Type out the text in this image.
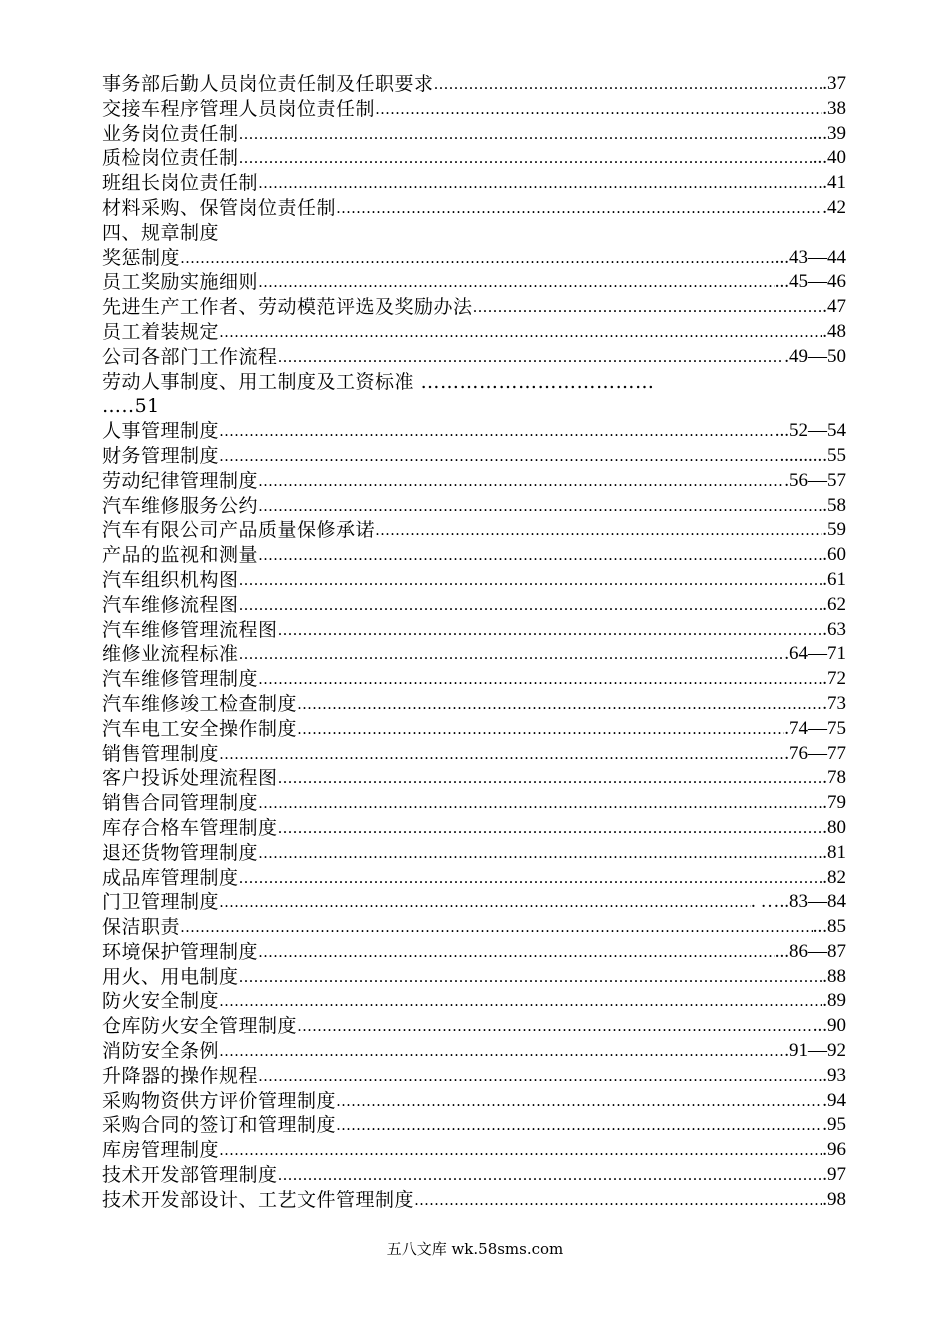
事务部后勤人员岗位责任制及任职要求 ……………………………………………………………………………………………………………………………………………………………………	.37
交接车程序管理人员岗位责任制 ……………………………………………………………………………………………………………………………………………………………………	.38
业务岗位责任制 ……………………………………………………………………………………………………………………………………………………………………	...39
质检岗位责任制 ……………………………………………………………………………………………………………………………………………………………………	...40
班组长岗位责任制 ……………………………………………………………………………………………………………………………………………………………………	.41
材料采购、保管岗位责任制 ……………………………………………………………………………………………………………………………………………………………………	.42
四、规章制度
奖惩制度 ……………………………………………………………………………………………………………………………………………………………………	...43—44
员工奖励实施细则 ……………………………………………………………………………………………………………………………………………………………………	...45—46
先进生产工作者、劳动模范评选及奖励办法 ……………………………………………………………………………………………………………………………………………………………………	.47
员工着装规定 ……………………………………………………………………………………………………………………………………………………………………	.48
公司各部门工作流程 ……………………………………………………………………………………………………………………………………………………………………	.49—50
劳动人事制度、用工制度及工资标准 ………………………………
…..51
人事管理制度 ……………………………………………………………………………………………………………………………………………………………………	...52—54
财务管理制度 ……………………………………………………………………………………………………………………………………………………………………	..........55
劳动纪律管理制度 ……………………………………………………………………………………………………………………………………………………………………	.56—57
汽车维修服务公约 ……………………………………………………………………………………………………………………………………………………………………	.58
汽车有限公司产品质量保修承诺 ……………………………………………………………………………………………………………………………………………………………………	.59
产品的监视和测量 ……………………………………………………………………………………………………………………………………………………………………	.60
汽车组织机构图 ……………………………………………………………………………………………………………………………………………………………………	.61
汽车维修流程图 ……………………………………………………………………………………………………………………………………………………………………	.62
汽车维修管理流程图 ……………………………………………………………………………………………………………………………………………………………………	.63
维修业流程标准 ……………………………………………………………………………………………………………………………………………………………………	.64—71
汽车维修管理制度 ……………………………………………………………………………………………………………………………………………………………………	.72
汽车维修竣工检查制度 ……………………………………………………………………………………………………………………………………………………………………	.73
汽车电工安全操作制度 ……………………………………………………………………………………………………………………………………………………………………	.74—75
销售管理制度 ……………………………………………………………………………………………………………………………………………………………………	.76—77
客户投诉处理流程图 ……………………………………………………………………………………………………………………………………………………………………	.78
销售合同管理制度 ……………………………………………………………………………………………………………………………………………………………………	.79
库存合格车管理制度 ……………………………………………………………………………………………………………………………………………………………………	.80
退还货物管理制度 ……………………………………………………………………………………………………………………………………………………………………	.81
成品库管理制度 ……………………………………………………………………………………………………………………………………………………………………	.82
门卫管理制度 ……………………………………………………………………………………………………………………………………………………………………	. …..83—84
保洁职责 ……………………………………………………………………………………………………………………………………………………………………	...85
环境保护管理制度 ……………………………………………………………………………………………………………………………………………………………………	...86—87
用火、用电制度 ……………………………………………………………………………………………………………………………………………………………………	.88
防火安全制度 ……………………………………………………………………………………………………………………………………………………………………	.89
仓库防火安全管理制度 ……………………………………………………………………………………………………………………………………………………………………	...90
消防安全条例 ……………………………………………………………………………………………………………………………………………………………………	.91—92
升降器的操作规程 ……………………………………………………………………………………………………………………………………………………………………	.93
采购物资供方评价管理制度 ……………………………………………………………………………………………………………………………………………………………………	.94
采购合同的签订和管理制度 ……………………………………………………………………………………………………………………………………………………………………	.95
库房管理制度 ……………………………………………………………………………………………………………………………………………………………………	.96
技术开发部管理制度 ……………………………………………………………………………………………………………………………………………………………………	.97
技术开发部设计、工艺文件管理制度 ……………………………………………………………………………………………………………………………………………………………………	.98
五八文库 wk.58sms.com
